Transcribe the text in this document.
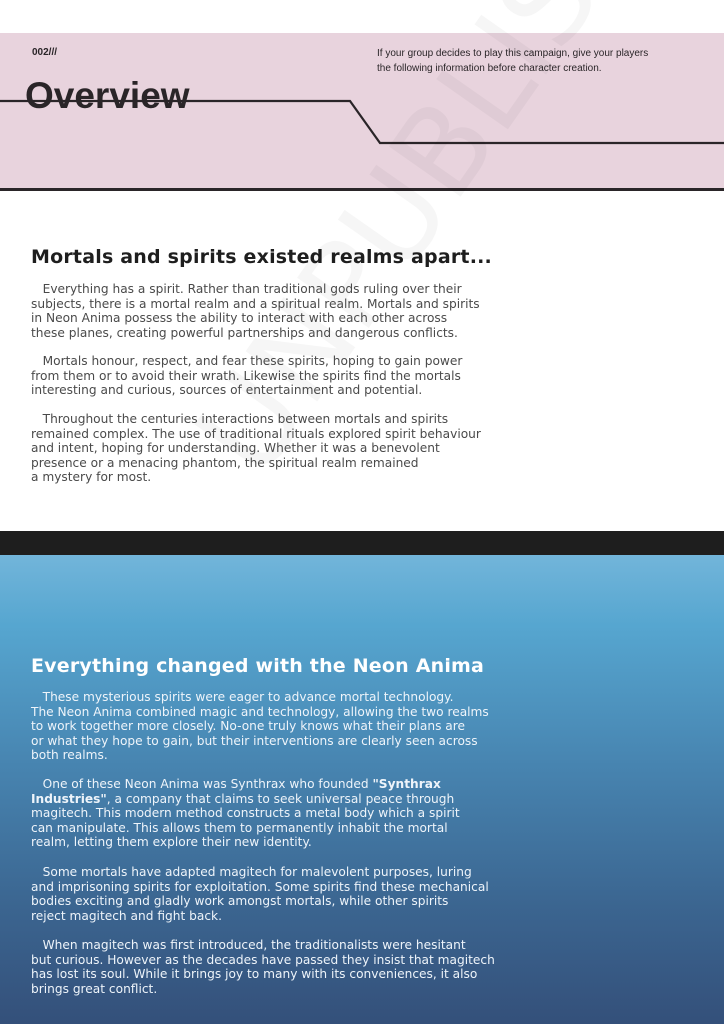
002///	If your group decides to play this campaign, give your players
the following information before character creation.
Overview
Mortals and spirits existed realms apart...
Everything has a spirit. Rather than traditional gods ruling over their
subjects, there is a mortal realm and a spiritual realm. Mortals and spirits
in Neon Anima possess the ability to interact with each other across
these planes, creating powerful partnerships and dangerous conflicts.
Mortals honour, respect, and fear these spirits, hoping to gain power
from them or to avoid their wrath. Likewise the spirits find the mortals
interesting and curious, sources of entertainment and potential.
Throughout the centuries interactions between mortals and spirits
remained complex. The use of traditional rituals explored spirit behaviour
and intent, hoping for understanding. Whether it was a benevolent
presence or a menacing phantom, the spiritual realm remained
a mystery for most.
Everything changed with the Neon Anima
These mysterious spirits were eager to advance mortal technology.
The Neon Anima combined magic and technology, allowing the two realms
to work together more closely. No-one truly knows what their plans are
or what they hope to gain, but their interventions are clearly seen across
both realms.
One of these Neon Anima was Synthrax who founded "Synthrax
Industries", a company that claims to seek universal peace through
magitech. This modern method constructs a metal body which a spirit
can manipulate. This allows them to permanently inhabit the mortal
realm, letting them explore their new identity.
Some mortals have adapted magitech for malevolent purposes, luring
and imprisoning spirits for exploitation. Some spirits find these mechanical
bodies exciting and gladly work amongst mortals, while other spirits
reject magitech and fight back.
When magitech was first introduced, the traditionalists were hesitant
but curious. However as the decades have passed they insist that magitech
has lost its soul. While it brings joy to many with its conveniences, it also
brings great conflict.
